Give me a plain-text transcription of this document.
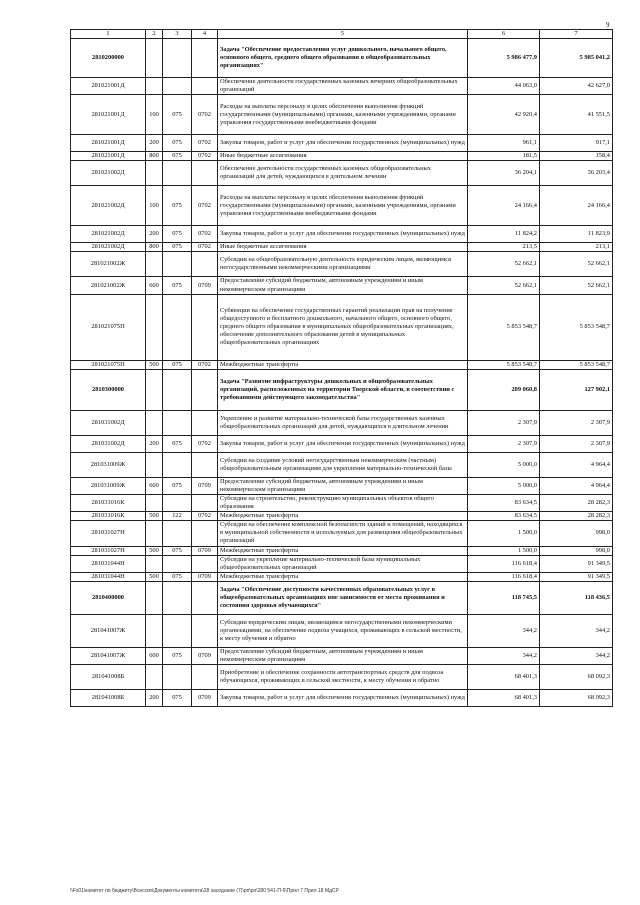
9
1	2	3	4	5	6	7
2810200000				Задача "Обеспечение предоставления услуг дошкольного, начального общего, основного общего, среднего общего образования в общеобразовательных организациях"	5 986 477,9	5 985 041,2
281021001Д				Обеспечение деятельности государственных казенных вечерних общеобразовательных организаций	44 063,0	42 627,0
281021001Д	100	075	0702	Расходы на выплаты персоналу в целях обеспечения выполнения функций государственными (муниципальными) органами, казенными учреждениями, органами управления государственными внебюджетными фондами	42 920,4	41 551,5
281021001Д	200	075	0702	Закупка товаров, работ и услуг для обеспечения государственных (муниципальных) нужд	961,1	917,1
281021001Д	800	075	0702	Иные бюджетные ассигнования	181,5	158,4
281021002Д				Обеспечение деятельности государственных казенных общеобразовательных организаций для детей, нуждающихся в длительном лечении	36 204,1	36 203,4
281021002Д	100	075	0702	Расходы на выплаты персоналу в целях обеспечения выполнения функций государственными (муниципальными) органами, казенными учреждениями, органами управления государственными внебюджетными фондами	24 166,4	24 166,4
281021002Д	200	075	0702	Закупка товаров, работ и услуг для обеспечения государственных (муниципальных) нужд	11 824,2	11 823,9
281021002Д	800	075	0702	Иные бюджетные ассигнования	213,5	213,1
281021002Ж				Субсидии на общеобразовательную деятельность юридическим лицам, являющимся негосударственными некоммерческими организациями	52 662,1	52 662,1
281021002Ж	600	075	0709	Предоставление субсидий бюджетным, автономным учреждениям и иным некоммерческим организациям	52 662,1	52 662,1
281021075П				Субвенции на обеспечение государственных гарантий реализации прав на получение общедоступного и бесплатного дошкольного, начального общего, основного общего, среднего общего образования в муниципальных общеобразовательных организациях, обеспечение дополнительного образования детей в муниципальных общеобразовательных организациях	5 853 548,7	5 853 548,7
281021075П	500	075	0702	Межбюджетные трансферты	5 853 548,7	5 853 548,7
2810300000				Задача "Развитие инфраструктуры дошкольных и общеобразовательных организаций, расположенных на территории Тверской области, в соответствии с требованиями действующего законодательства"	209 060,8	127 902,1
281031002Д				Укрепление и развитие материально-технической базы государственных казенных общеобразовательных организаций для детей, нуждающихся в длительном лечении	2 307,9	2 307,9
281031002Д	200	075	0702	Закупка товаров, работ и услуг для обеспечения государственных (муниципальных) нужд	2 307,9	2 307,9
281031009Ж				Субсидии на создание условий негосударственным некоммерческим (частным) общеобразовательным организациям для укрепления материально-технической базы	5 000,0	4 964,4
281031009Ж	600	075	0709	Предоставление субсидий бюджетным, автономным учреждениям и иным некоммерческим организациям	5 000,0	4 964,4
281031016К				Субсидии на строительство, реконструкцию муниципальных объектов общего образования	83 634,5	28 282,3
281031016К	500	122	0702	Межбюджетные трансферты	83 634,5	28 282,3
281031027Н				Субсидии на обеспечение комплексной безопасности зданий и помещений, находящихся в муниципальной собственности и используемых для размещения общеобразовательных организаций	1 500,0	998,0
281031027Н	500	075	0709	Межбюджетные трансферты	1 500,0	998,0
281031044Н				Субсидии на укрепление материально-технической базы муниципальных общеобразовательных организаций	116 618,4	91 349,5
281031044Н	500	075	0709	Межбюджетные трансферты	116 618,4	91 349,5
2810400000				Задача "Обеспечение доступности качественных образовательных услуг в общеобразовательных организациях вне зависимости от места проживания и состояния здоровья обучающихся"	118 745,5	118 436,5
281041007Ж				Субсидии юридическим лицам, являющимся негосударственными некоммерческими организациями, на обеспечение подвоза учащихся, проживающих в сельской местности, к месту обучения и обратно	344,2	344,2
281041007Ж	600	075	0709	Предоставление субсидий бюджетным, автономным учреждениям и иным некоммерческим организациям	344,2	344,2
281041008Б				Приобретение и обеспечение сохранности автотранспортных средств для подвоза обучающихся, проживающих в сельской местности, к месту обучения и обратно	68 401,3	68 092,3
281041008Б	200	075	0709	Закупка товаров, работ и услуг для обеспечения государственных (муниципальных) нужд	68 401,3	68 092,3
\\Fs01\комитет по бюджету\Всессия\Документы комитета\28 заседание (7)\рп\рп\280 541-П-6\Прил 7 Прил 18 МдСР
